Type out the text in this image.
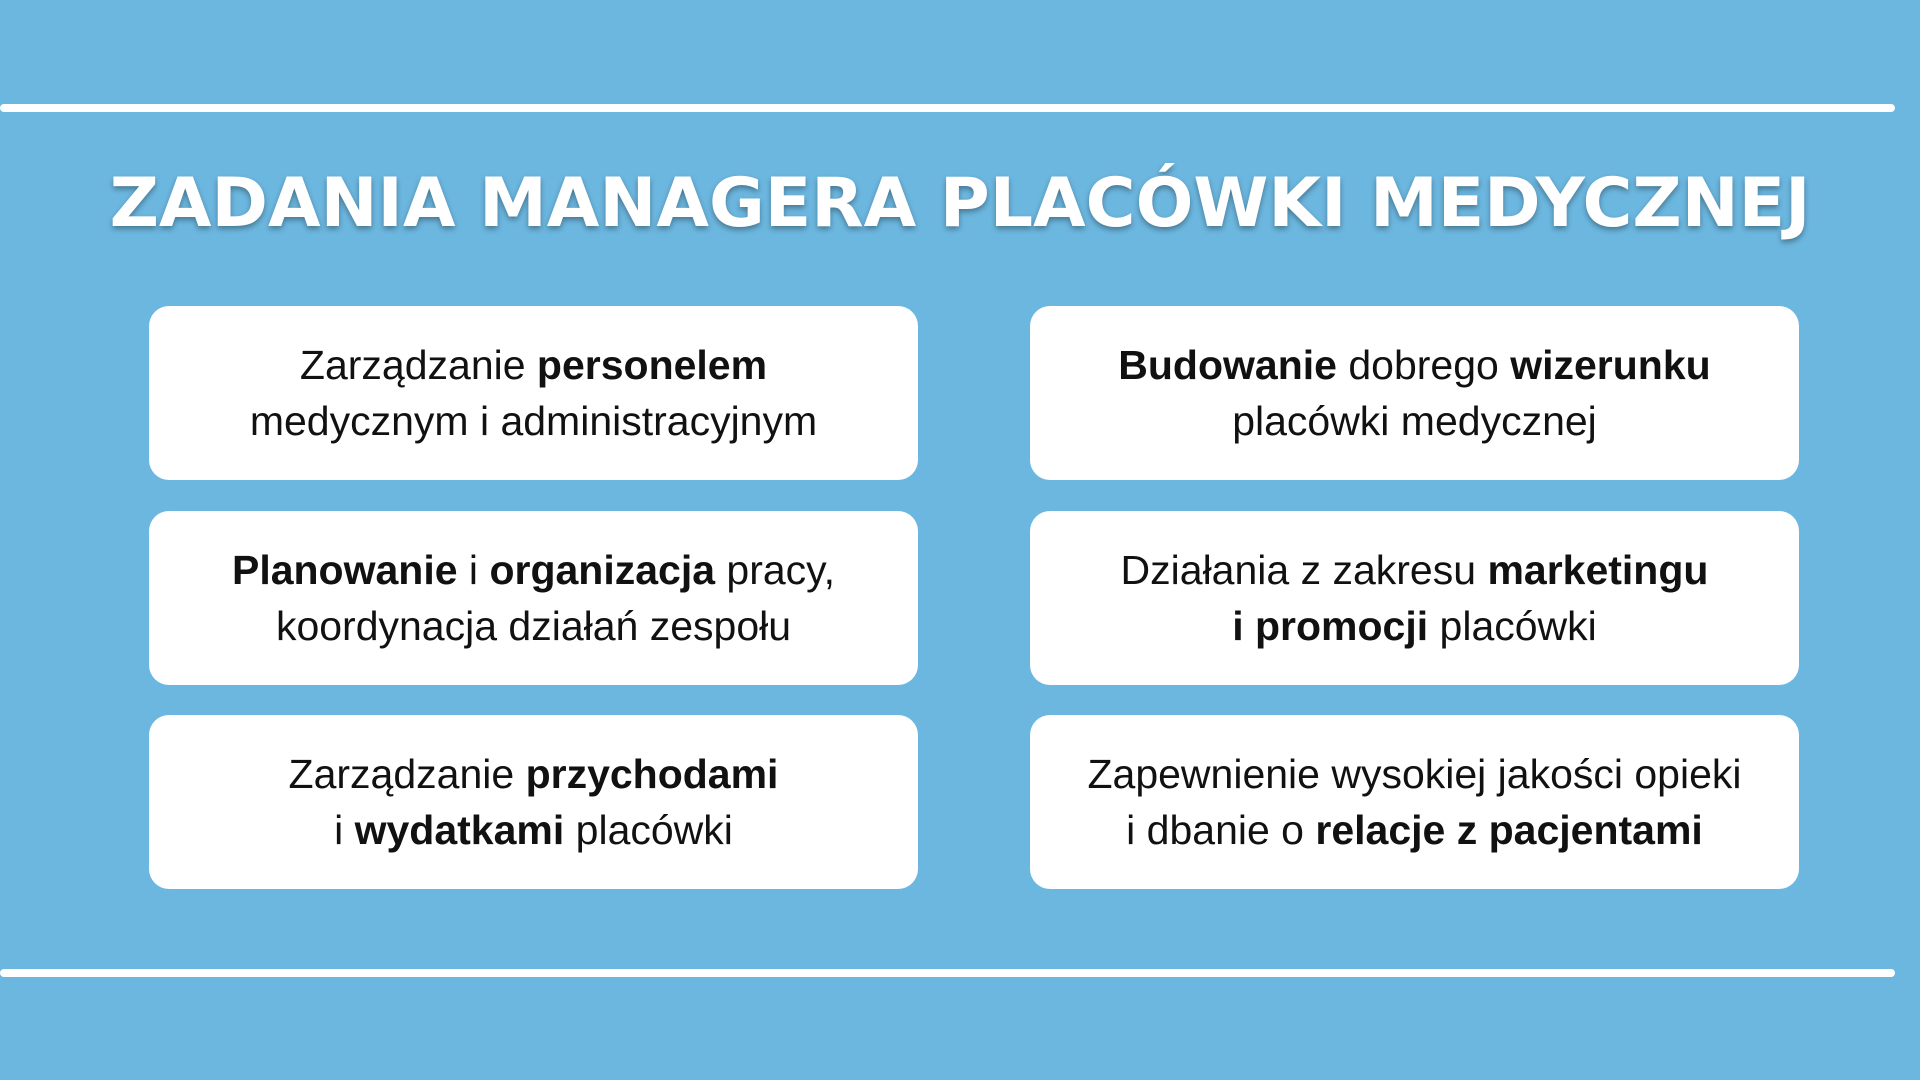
ZADANIA MANAGERA PLACÓWKI MEDYCZNEJ
Zarządzanie personelem
medycznym i administracyjnym
Budowanie dobrego wizerunku
placówki medycznej
Planowanie i organizacja pracy,
koordynacja działań zespołu
Działania z zakresu marketingu
i promocji placówki
Zarządzanie przychodami
i wydatkami placówki
Zapewnienie wysokiej jakości opieki
i dbanie o relacje z pacjentami
